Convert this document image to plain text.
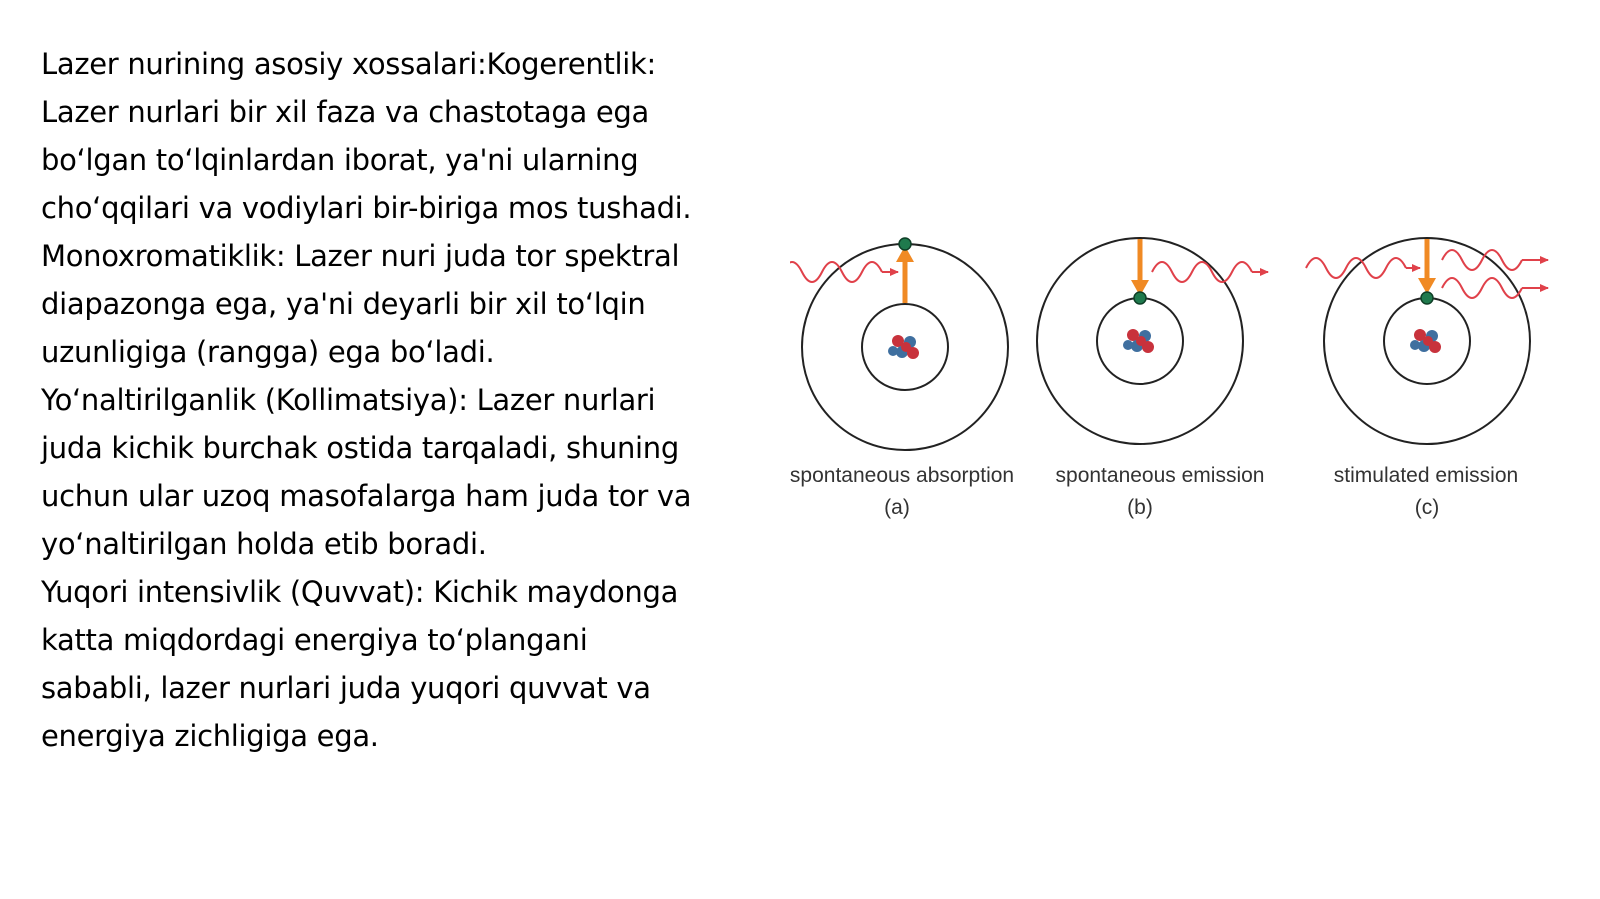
Lazer nurining asosiy xossalari:Kogerentlik:
Lazer nurlari bir xil faza va chastotaga ega
boʻlgan toʻlqinlardan iborat, ya'ni ularning
choʻqqilari va vodiylari bir-biriga mos tushadi.
Monoxromatiklik: Lazer nuri juda tor spektral
diapazonga ega, ya'ni deyarli bir xil toʻlqin
uzunligiga (rangga) ega boʻladi.
Yoʻnaltirilganlik (Kollimatsiya): Lazer nurlari
juda kichik burchak ostida tarqaladi, shuning
uchun ular uzoq masofalarga ham juda tor va
yoʻnaltirilgan holda etib boradi.
Yuqori intensivlik (Quvvat): Kichik maydonga
katta miqdordagi energiya toʻplangani
sababli, lazer nurlari juda yuqori quvvat va
energiya zichligiga ega.
spontaneous absorption
(a)
spontaneous emission
(b)
stimulated emission
(c)
